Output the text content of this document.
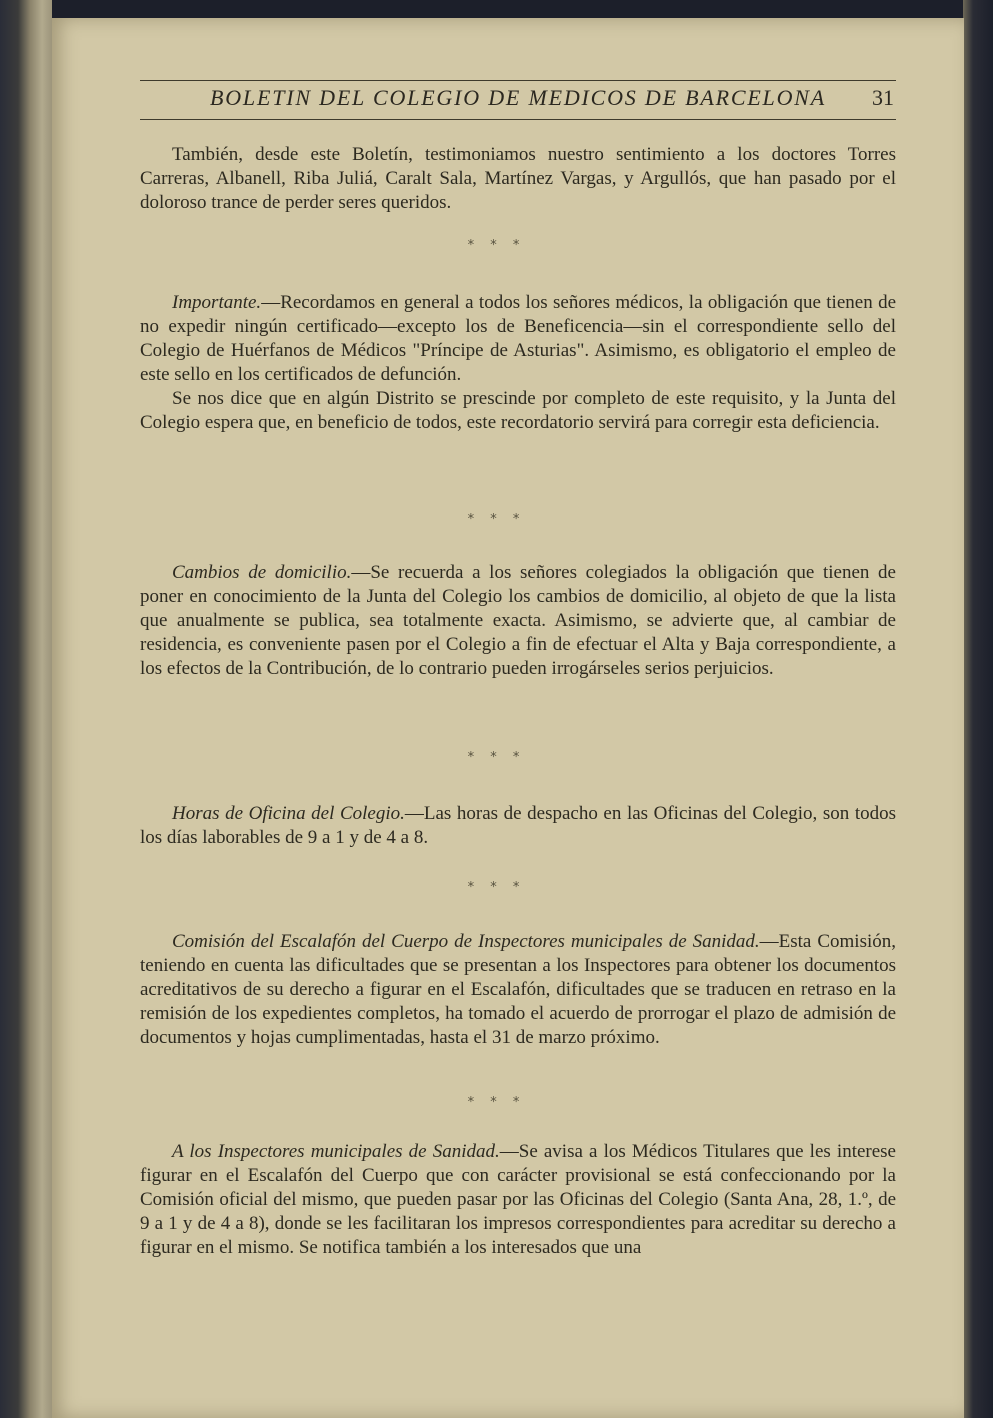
BOLETIN DEL COLEGIO DE MEDICOS DE BARCELONA 31

También, desde este Boletín, testimoniamos nuestro sentimiento a los doctores Torres Carreras, Albanell, Riba Juliá, Caralt Sala, Martínez Vargas, y Argullós, que han pasado por el doloroso trance de perder seres queridos.

* * *

Importante.—Recordamos en general a todos los señores médicos, la obligación que tienen de no expedir ningún certificado—excepto los de Beneficencia—sin el correspondiente sello del Colegio de Huérfanos de Médicos "Príncipe de Asturias". Asimismo, es obligatorio el empleo de este sello en los certificados de defunción.

Se nos dice que en algún Distrito se prescinde por completo de este requisito, y la Junta del Colegio espera que, en beneficio de todos, este recordatorio servirá para corregir esta deficiencia.

* * *

Cambios de domicilio.—Se recuerda a los señores colegiados la obligación que tienen de poner en conocimiento de la Junta del Colegio los cambios de domicilio, al objeto de que la lista que anualmente se publica, sea totalmente exacta. Asimismo, se advierte que, al cambiar de residencia, es conveniente pasen por el Colegio a fin de efectuar el Alta y Baja correspondiente, a los efectos de la Contribución, de lo contrario pueden irrogárseles serios perjuicios.

* * *

Horas de Oficina del Colegio.—Las horas de despacho en las Oficinas del Colegio, son todos los días laborables de 9 a 1 y de 4 a 8.

* * *

Comisión del Escalafón del Cuerpo de Inspectores municipales de Sanidad.—Esta Comisión, teniendo en cuenta las dificultades que se presentan a los Inspectores para obtener los documentos acreditativos de su derecho a figurar en el Escalafón, dificultades que se traducen en retraso en la remisión de los expedientes completos, ha tomado el acuerdo de prorrogar el plazo de admisión de documentos y hojas cumplimentadas, hasta el 31 de marzo próximo.

* * *

A los Inspectores municipales de Sanidad.—Se avisa a los Médicos Titulares que les interese figurar en el Escalafón del Cuerpo que con carácter provisional se está confeccionando por la Comisión oficial del mismo, que pueden pasar por las Oficinas del Colegio (Santa Ana, 28, 1.º, de 9 a 1 y de 4 a 8), donde se les facilitaran los impresos correspondientes para acreditar su derecho a figurar en el mismo. Se notifica también a los interesados que una
